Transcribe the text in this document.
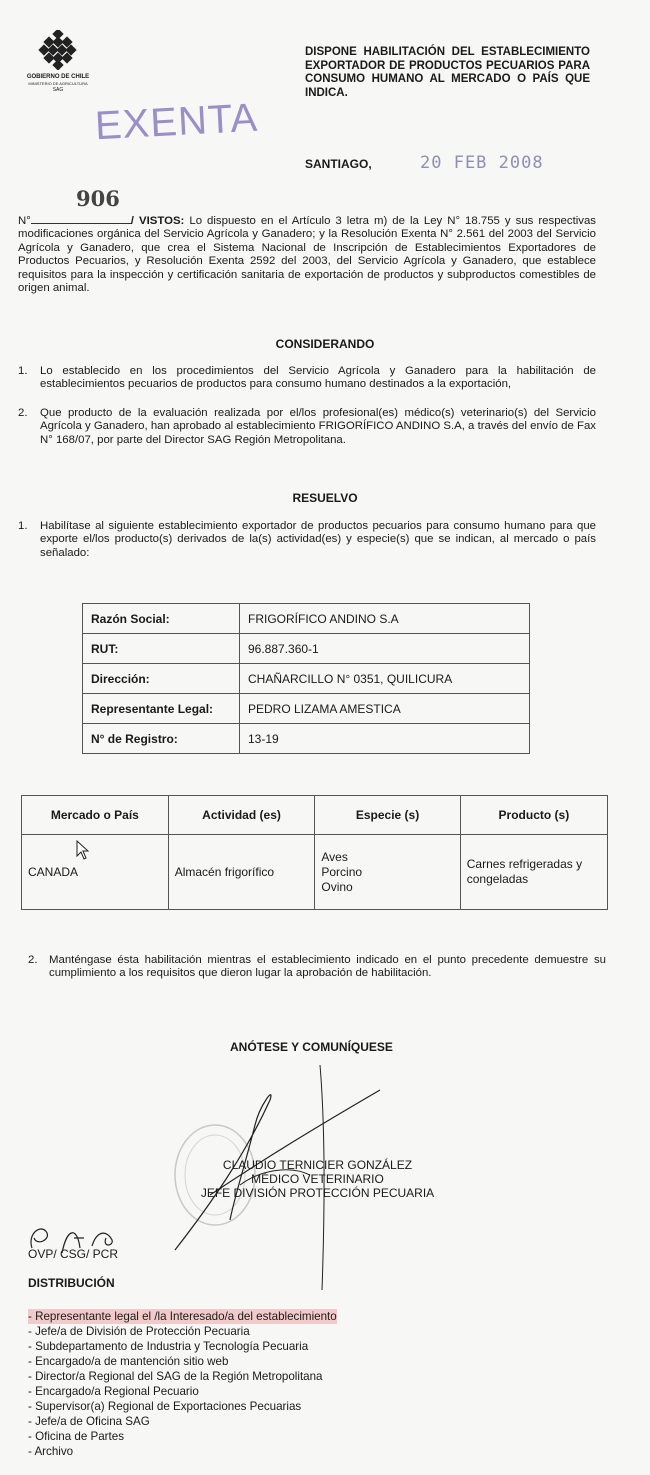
GOBIERNO DE CHILE
MINISTERIO DE AGRICULTURA
SAG
DISPONE HABILITACIÓN DEL ESTABLECIMIENTO EXPORTADOR DE PRODUCTOS PECUARIOS PARA CONSUMO HUMANO AL MERCADO O PAÍS QUE INDICA.
EXENTA
SANTIAGO,	20 FEB 2008
906
N°	/ VISTOS: Lo dispuesto en el Artículo 3 letra m) de la Ley N° 18.755 y sus respectivas modificaciones orgánica del Servicio Agrícola y Ganadero; y la Resolución Exenta N° 2.561 del 2003 del Servicio Agrícola y Ganadero, que crea el Sistema Nacional de Inscripción de Establecimientos Exportadores de Productos Pecuarios, y Resolución Exenta 2592 del 2003, del Servicio Agrícola y Ganadero, que establece requisitos para la inspección y certificación sanitaria de exportación de productos y subproductos comestibles de origen animal.
CONSIDERANDO
1. Lo establecido en los procedimientos del Servicio Agrícola y Ganadero para la habilitación de establecimientos pecuarios de productos para consumo humano destinados a la exportación,
2. Que producto de la evaluación realizada por el/los profesional(es) médico(s) veterinario(s) del Servicio Agrícola y Ganadero, han aprobado al establecimiento FRIGORÍFICO ANDINO S.A, a través del envío de Fax N° 168/07, por parte del Director SAG Región Metropolitana.
RESUELVO
1. Habilítase al siguiente establecimiento exportador de productos pecuarios para consumo humano para que exporte el/los producto(s) derivados de la(s) actividad(es) y especie(s) que se indican, al mercado o país señalado:
Razón Social:	FRIGORÍFICO ANDINO S.A
RUT:	96.887.360-1
Dirección:	CHAÑARCILLO N° 0351, QUILICURA
Representante Legal:	PEDRO LIZAMA AMESTICA
N° de Registro:	13-19
Mercado o País	Actividad (es)	Especie (s)	Producto (s)
CANADA	Almacén frigorífico	Aves
Porcino
Ovino	Carnes refrigeradas y congeladas
2. Manténgase ésta habilitación mientras el establecimiento indicado en el punto precedente demuestre su cumplimiento a los requisitos que dieron lugar la aprobación de habilitación.
ANÓTESE Y COMUNÍQUESE
CLAUDIO TERNICIER GONZÁLEZ
MÉDICO VETERINARIO
JEFE DIVISIÓN PROTECCIÓN PECUARIA
OVP/ CSG/ PCR
DISTRIBUCIÓN
- Representante legal el /la Interesado/a del establecimiento
- Jefe/a de División de Protección Pecuaria
- Subdepartamento de Industria y Tecnología Pecuaria
- Encargado/a de mantención sitio web
- Director/a Regional del SAG de la Región Metropolitana
- Encargado/a Regional Pecuario
- Supervisor(a) Regional de Exportaciones Pecuarias
- Jefe/a de Oficina SAG
- Oficina de Partes
- Archivo
